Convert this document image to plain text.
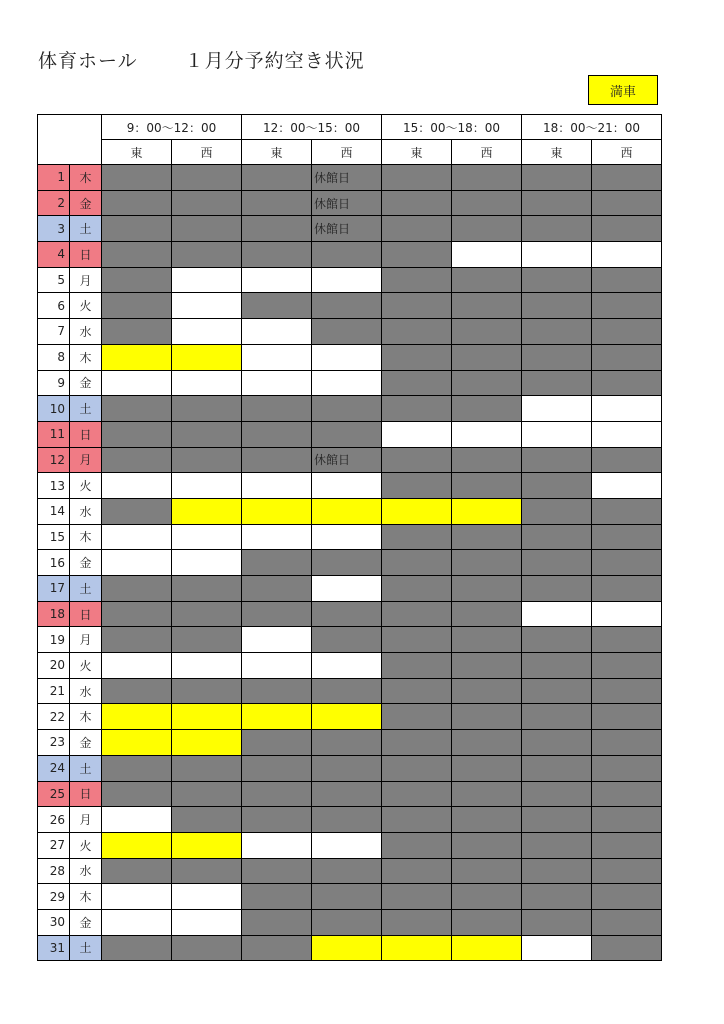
体育ホール　　 １月分予約空き状況
満車
		9：00～12：00		12：00～15：00		15：00～18：00		18：00～21：00	
		東	西	東	西	東	西	東	西
1	木				休館日				
2	金				休館日				
3	土				休館日				
4	日								
5	月								
6	火								
7	水								
8	木								
9	金								
10	土								
11	日								
12	月				休館日				
13	火								
14	水								
15	木								
16	金								
17	土								
18	日								
19	月								
20	火								
21	水								
22	木								
23	金								
24	土								
25	日								
26	月								
27	火								
28	水								
29	木								
30	金								
31	土								
